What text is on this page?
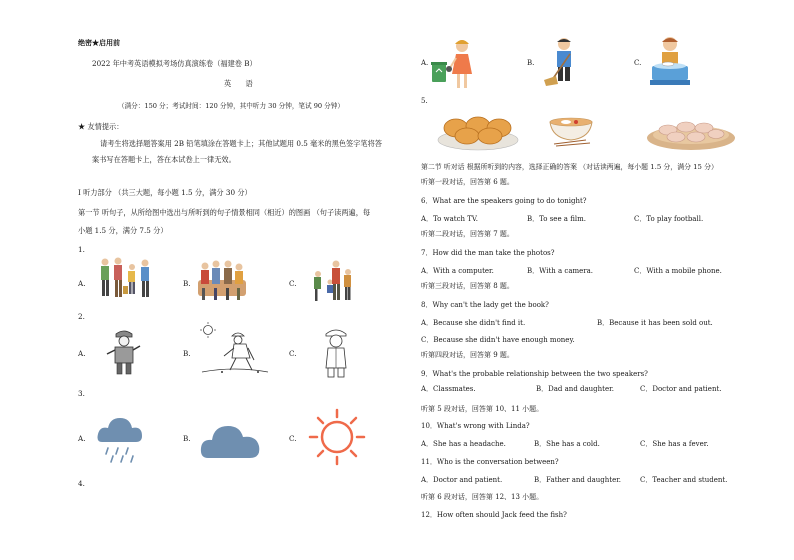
绝密★启用前
2022 年中考英语模拟考场仿真演练卷（福建卷 B）
英 语
（满分：150 分；考试时间：120 分钟，其中听力 30 分钟，笔试 90 分钟）
★ 友情提示：
请考生将选择题答案用 2B 铅笔填涂在答题卡上；其他试题用 0.5 毫米的黑色签字笔将答
案书写在答题卡上，答在本试卷上一律无效。
I 听力部分 （共三大题，每小题 1.5 分，满分 30 分）
第一节 听句子，从所给图中选出与所听到的句子情景相同（相近）的图画 （句子读两遍，每
小题 1.5 分，满分 7.5 分）
1.
A.	B.	C.
2.
A.	B.	C.
3.
A.	B.	C.
4.
A.	B.	C.
5.
第二节 听对话 根据所听到的内容，选择正确的答案 （对话读两遍，每小题 1.5 分，满分 15 分）
听第一段对话，回答第 6 题。
6．What are the speakers going to do tonight?
A．To watch TV.	B．To see a film.	C．To play football.
听第二段对话，回答第 7 题。
7．How did the man take the photos?
A．With a computer.	B．With a camera.	C．With a mobile phone.
听第三段对话，回答第 8 题。
8．Why can't the lady get the book?
A．Because she didn't find it.	B．Because it has been sold out.
C．Because she didn't have enough money.
听第四段对话，回答第 9 题。
9．What's the probable relationship between the two speakers?
A．Classmates.	B．Dad and daughter.	C．Doctor and patient.
听第 5 段对话，回答第 10、11 小题。
10．What's wrong with Linda?
A．She has a headache.	B．She has a cold.	C．She has a fever.
11．Who is the conversation between?
A．Doctor and patient.	B．Father and daughter.	C．Teacher and student.
听第 6 段对话，回答第 12、13 小题。
12．How often should Jack feed the fish?
